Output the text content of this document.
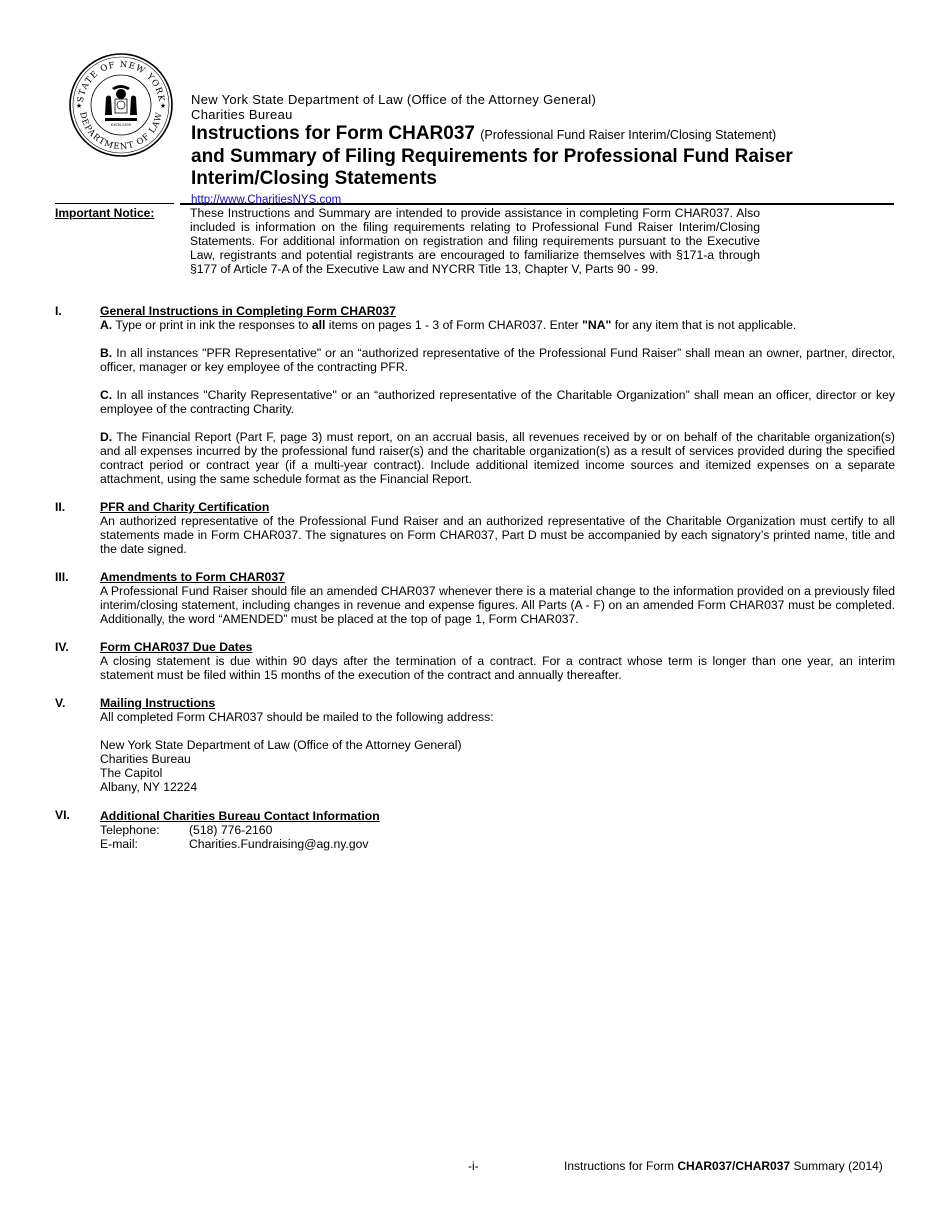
STATE OF NEW YORK
DEPARTMENT OF LAW
★	★
EXCELSIOR
New York State Department of Law (Office of the Attorney General)
Charities Bureau
Instructions for Form CHAR037 (Professional Fund Raiser Interim/Closing Statement)
and Summary of Filing Requirements for Professional Fund Raiser
Interim/Closing Statements
http://www.CharitiesNYS.com
Important Notice:	These Instructions and Summary are intended to provide assistance in completing Form CHAR037. Also included is information on the filing requirements relating to Professional Fund Raiser Interim/Closing Statements. For additional information on registration and filing requirements pursuant to the Executive Law, registrants and potential registrants are encouraged to familiarize themselves with §171-a through §177 of Article 7-A of the Executive Law and NYCRR Title 13, Chapter V, Parts 90 - 99.
I.	General Instructions in Completing Form CHAR037
A. Type or print in ink the responses to all items on pages 1 - 3 of Form CHAR037. Enter "NA" for any item that is not applicable.
B. In all instances "PFR Representative" or an “authorized representative of the Professional Fund Raiser” shall mean an owner, partner, director, officer, manager or key employee of the contracting PFR.
C. In all instances "Charity Representative" or an “authorized representative of the Charitable Organization” shall mean an officer, director or key employee of the contracting Charity.
D. The Financial Report (Part F, page 3) must report, on an accrual basis, all revenues received by or on behalf of the charitable organization(s) and all expenses incurred by the professional fund raiser(s) and the charitable organization(s) as a result of services provided during the specified contract period or contract year (if a multi-year contract). Include additional itemized income sources and itemized expenses on a separate attachment, using the same schedule format as the Financial Report.
II.	PFR and Charity Certification
An authorized representative of the Professional Fund Raiser and an authorized representative of the Charitable Organization must certify to all statements made in Form CHAR037. The signatures on Form CHAR037, Part D must be accompanied by each signatory’s printed name, title and the date signed.
III.	Amendments to Form CHAR037
A Professional Fund Raiser should file an amended CHAR037 whenever there is a material change to the information provided on a previously filed interim/closing statement, including changes in revenue and expense figures. All Parts (A - F) on an amended Form CHAR037 must be completed. Additionally, the word “AMENDED” must be placed at the top of page 1, Form CHAR037.
IV.	Form CHAR037 Due Dates
A closing statement is due within 90 days after the termination of a contract. For a contract whose term is longer than one year, an interim statement must be filed within 15 months of the execution of the contract and annually thereafter.
V.	Mailing Instructions
All completed Form CHAR037 should be mailed to the following address:
New York State Department of Law (Office of the Attorney General)
Charities Bureau
The Capitol
Albany, NY 12224
VI. Additional Charities Bureau Contact Information
Telephone:	(518) 776-2160
E-mail:	Charities.Fundraising@ag.ny.gov
-i-	Instructions for Form CHAR037/CHAR037 Summary (2014)
